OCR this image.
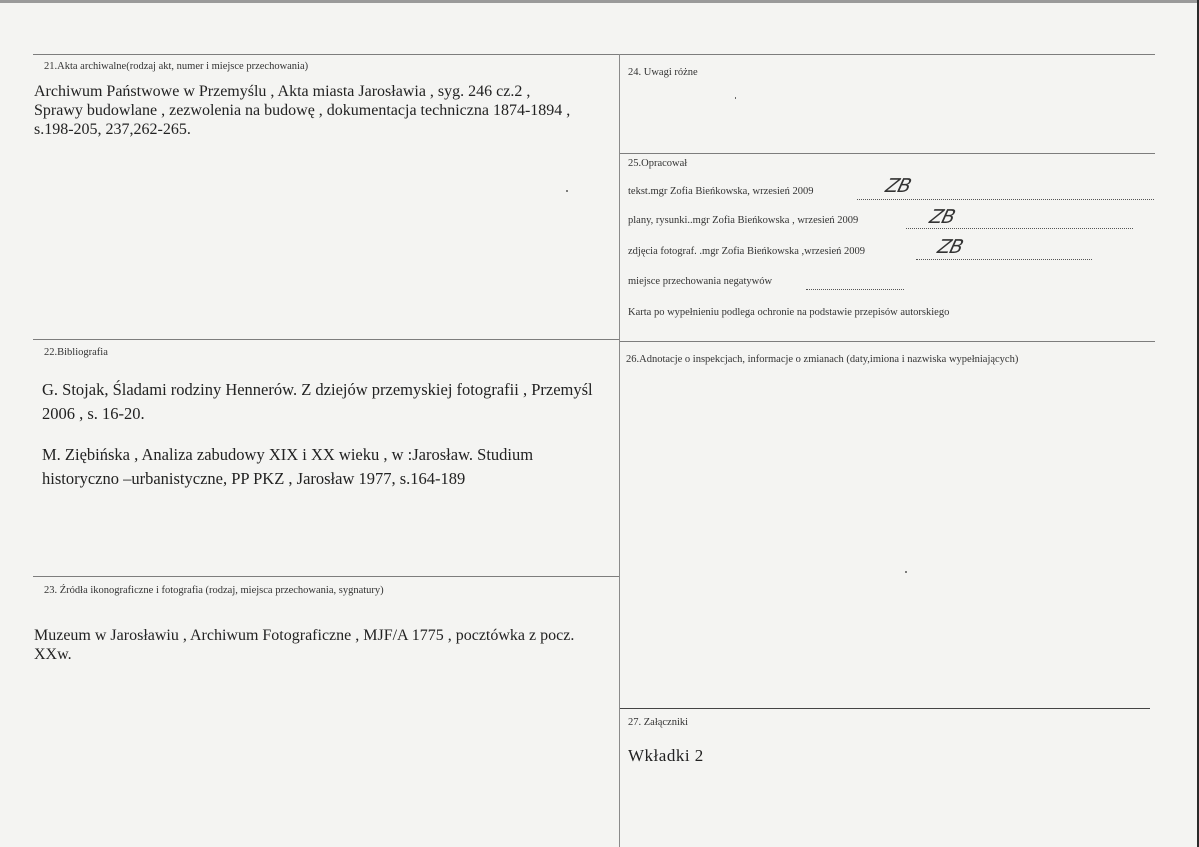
21.Akta archiwalne(rodzaj akt, numer i miejsce przechowania)
Archiwum Państwowe w Przemyślu , Akta miasta Jarosławia , syg. 246 cz.2 ,
Sprawy budowlane , zezwolenia na budowę , dokumentacja techniczna 1874-1894 ,
s.198-205, 237,262-265.
24. Uwagi różne
25.Opracował
tekst.mgr Zofia Bieńkowska, wrzesień 2009	ZB
plany, rysunki..mgr Zofia Bieńkowska , wrzesień 2009	ZB
zdjęcia fotograf. .mgr Zofia Bieńkowska ,wrzesień 2009	ZB
miejsce przechowania negatywów
Karta po wypełnieniu podlega ochronie na podstawie przepisów autorskiego
22.Bibliografia
G. Stojak, Śladami rodziny Hennerów. Z dziejów przemyskiej fotografii , Przemyśl
2006 , s. 16-20.
M. Ziębińska , Analiza zabudowy XIX i XX wieku , w :Jarosław. Studium
historyczno –urbanistyczne, PP PKZ , Jarosław 1977, s.164-189
26.Adnotacje o inspekcjach, informacje o zmianach (daty,imiona i nazwiska wypełniających)
23. Źródła ikonograficzne i fotografia (rodzaj, miejsca przechowania, sygnatury)
Muzeum w Jarosławiu , Archiwum Fotograficzne , MJF/A 1775 , pocztówka z pocz.
XXw.
27. Załączniki
Wkładki 2
